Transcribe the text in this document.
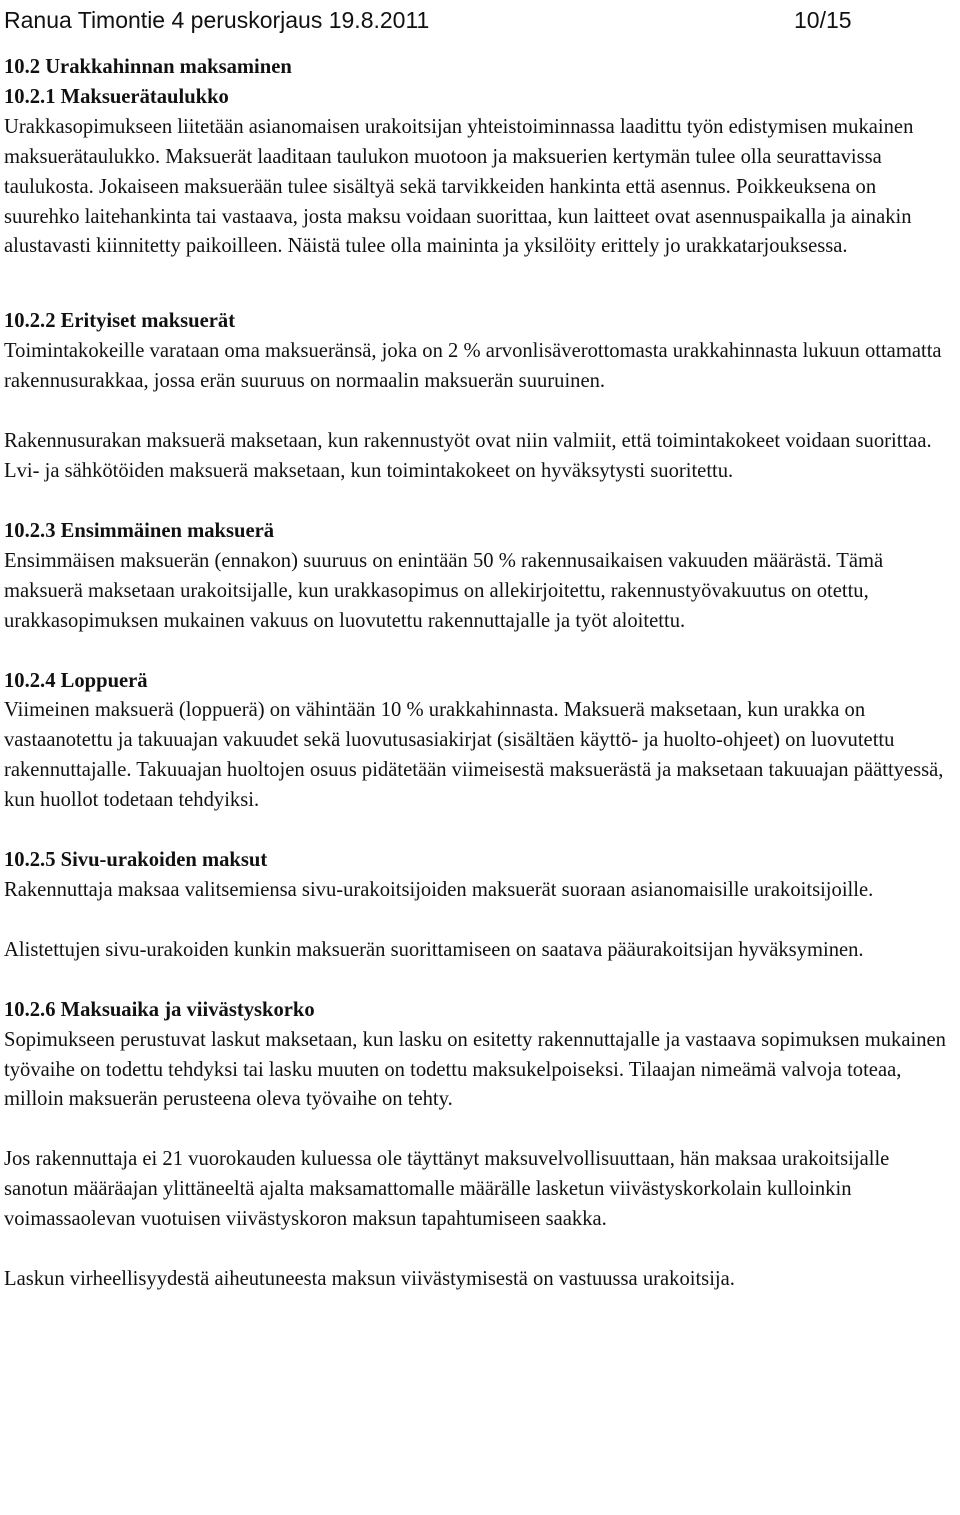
Ranua Timontie 4 peruskorjaus 19.8.2011	10/15
10.2 Urakkahinnan maksaminen
10.2.1 Maksuerätaulukko

Urakkasopimukseen liitetään asianomaisen urakoitsijan yhteistoiminnassa laadittu työn edistymisen mukainen maksuerätaulukko. Maksuerät laaditaan taulukon muotoon ja maksuerien kertymän tulee olla seurattavissa taulukosta. Jokaiseen maksuerään tulee sisältyä sekä tarvikkeiden hankinta että asennus. Poikkeuksena on suurehko laitehankinta tai vastaava, josta maksu voidaan suorittaa, kun laitteet ovat asennuspaikalla ja ainakin alustavasti kiinnitetty paikoilleen. Näistä tulee olla maininta ja yksilöity erittely jo urakkatarjouksessa.

10.2.2 Erityiset maksuerät

Toimintakokeille varataan oma maksueränsä, joka on 2 % arvonlisäverottomasta urakkahinnasta lukuun ottamatta rakennusurakkaa, jossa erän suuruus on normaalin maksuerän suuruinen.

Rakennusurakan maksuerä maksetaan, kun rakennustyöt ovat niin valmiit, että toimintakokeet voidaan suorittaa. Lvi- ja sähkötöiden maksuerä maksetaan, kun toimintakokeet on hyväksytysti suoritettu.

10.2.3 Ensimmäinen maksuerä

Ensimmäisen maksuerän (ennakon) suuruus on enintään 50 % rakennusaikaisen vakuuden määrästä. Tämä maksuerä maksetaan urakoitsijalle, kun urakkasopimus on allekirjoitettu, rakennustyövakuutus on otettu, urakkasopimuksen mukainen vakuus on luovutettu rakennuttajalle ja työt aloitettu.

10.2.4 Loppuerä

Viimeinen maksuerä (loppuerä) on vähintään 10 % urakkahinnasta. Maksuerä maksetaan, kun urakka on vastaanotettu ja takuuajan vakuudet sekä luovutusasiakirjat (sisältäen käyttö- ja huolto-ohjeet) on luovutettu rakennuttajalle. Takuuajan huoltojen osuus pidätetään viimeisestä maksuerästä ja maksetaan takuuajan päättyessä, kun huollot todetaan tehdyiksi.

10.2.5 Sivu-urakoiden maksut

Rakennuttaja maksaa valitsemiensa sivu-urakoitsijoiden maksuerät suoraan asianomaisille urakoitsijoille.

Alistettujen sivu-urakoiden kunkin maksuerän suorittamiseen on saatava pääurakoitsijan hyväksyminen.

10.2.6 Maksuaika ja viivästyskorko

Sopimukseen perustuvat laskut maksetaan, kun lasku on esitetty rakennuttajalle ja vastaava sopimuksen mukainen työvaihe on todettu tehdyksi tai lasku muuten on todettu maksukelpoiseksi. Tilaajan nimeämä valvoja toteaa, milloin maksuerän perusteena oleva työvaihe on tehty.

Jos rakennuttaja ei 21 vuorokauden kuluessa ole täyttänyt maksuvelvollisuuttaan, hän maksaa urakoitsijalle sanotun määräajan ylittäneeltä ajalta maksamattomalle määrälle lasketun viivästyskorkolain kulloinkin voimassaolevan vuotuisen viivästyskoron maksun tapahtumiseen saakka.

Laskun virheellisyydestä aiheutuneesta maksun viivästymisestä on vastuussa urakoitsija.
